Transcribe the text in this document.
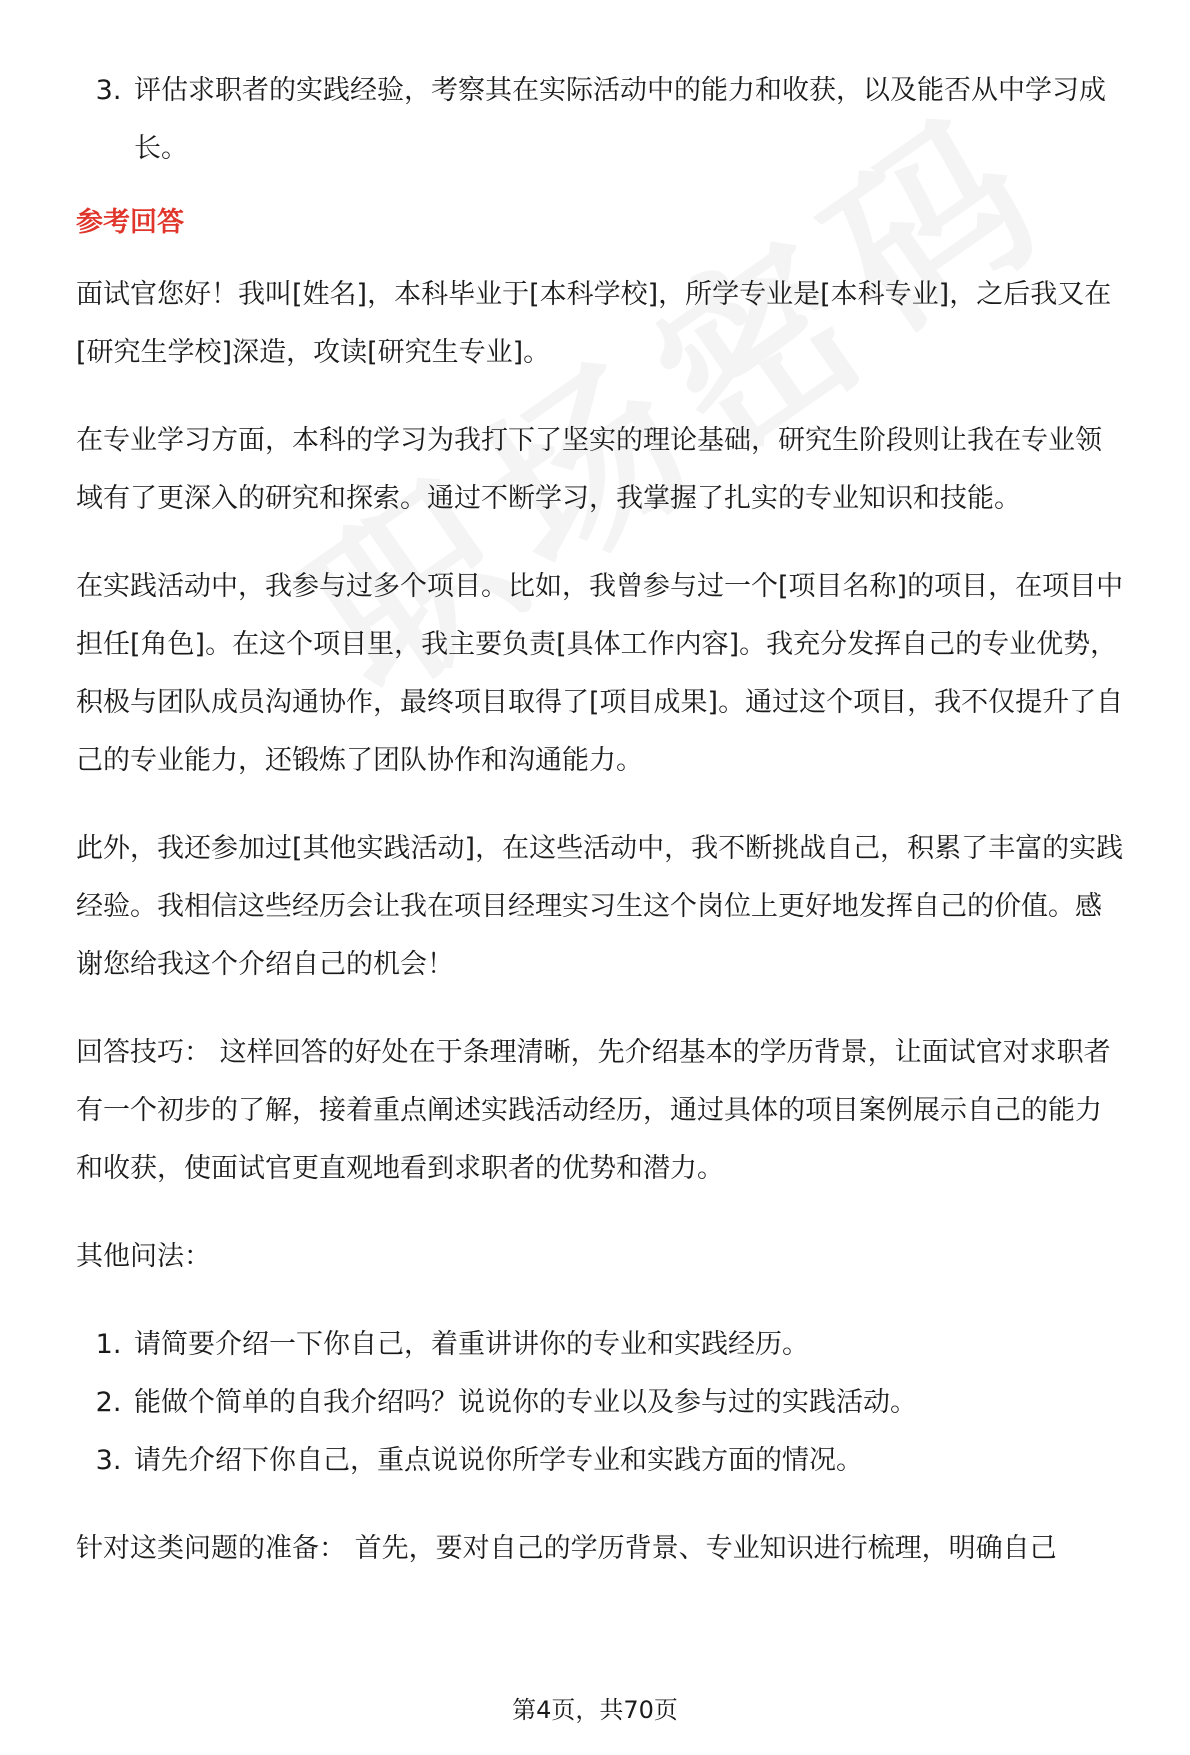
3. 评估求职者的实践经验，考察其在实际活动中的能力和收获，以及能否从中学习成长。
参考回答

面试官您好！我叫[姓名]，本科毕业于[本科学校]，所学专业是[本科专业]，之后我又在[研究生学校]深造，攻读[研究生专业]。

在专业学习方面，本科的学习为我打下了坚实的理论基础，研究生阶段则让我在专业领域有了更深入的研究和探索。通过不断学习，我掌握了扎实的专业知识和技能。

在实践活动中，我参与过多个项目。比如，我曾参与过一个[项目名称]的项目，在项目中担任[角色]。在这个项目里，我主要负责[具体工作内容]。我充分发挥自己的专业优势，积极与团队成员沟通协作，最终项目取得了[项目成果]。通过这个项目，我不仅提升了自己的专业能力，还锻炼了团队协作和沟通能力。

此外，我还参加过[其他实践活动]，在这些活动中，我不断挑战自己，积累了丰富的实践经验。我相信这些经历会让我在项目经理实习生这个岗位上更好地发挥自己的价值。感谢您给我这个介绍自己的机会！

回答技巧： 这样回答的好处在于条理清晰，先介绍基本的学历背景，让面试官对求职者有一个初步的了解，接着重点阐述实践活动经历，通过具体的项目案例展示自己的能力和收获，使面试官更直观地看到求职者的优势和潜力。

其他问法：

1. 请简要介绍一下你自己，着重讲讲你的专业和实践经历。
2. 能做个简单的自我介绍吗？说说你的专业以及参与过的实践活动。
3. 请先介绍下你自己，重点说说你所学专业和实践方面的情况。

针对这类问题的准备： 首先，要对自己的学历背景、专业知识进行梳理，明确自己

第4页，共70页
